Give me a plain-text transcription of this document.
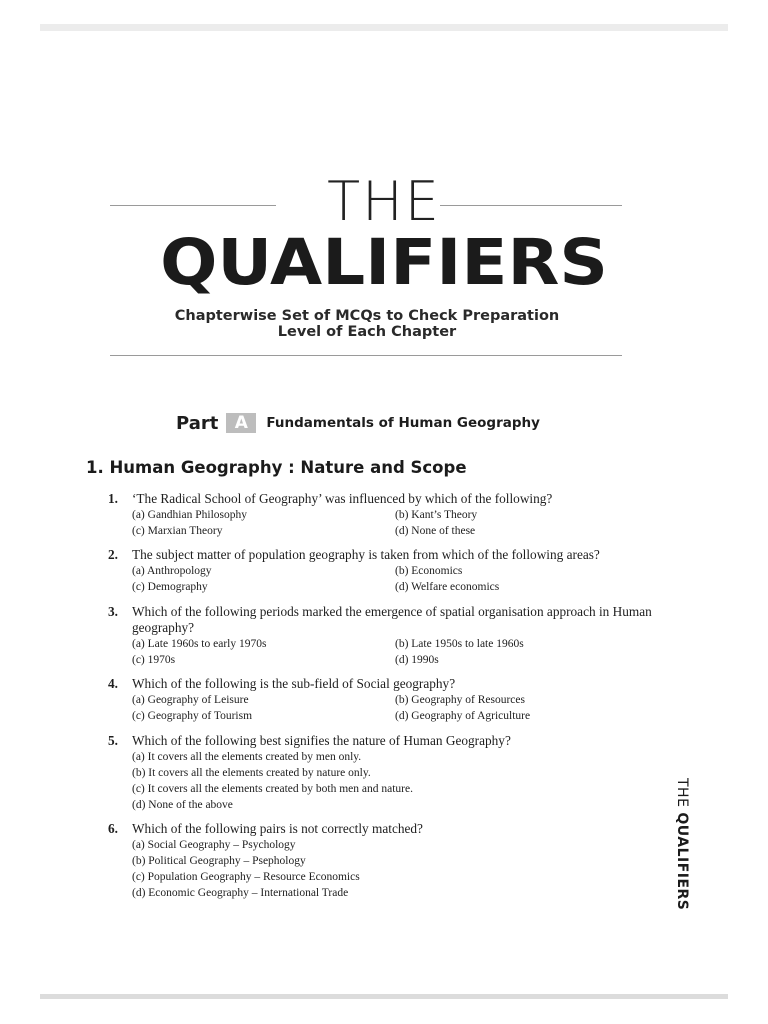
THE
QUALIFIERS
Chapterwise Set of MCQs to Check Preparation
Level of Each Chapter
Part A	Fundamentals of Human Geography
1. Human Geography : Nature and Scope
1.	‘The Radical School of Geography’ was influenced by which of the following?
(a) Gandhian Philosophy	(b) Kant’s Theory
(c) Marxian Theory	(d) None of these
2.	The subject matter of population geography is taken from which of the following areas?
(a) Anthropology	(b) Economics
(c) Demography	(d) Welfare economics
3.	Which of the following periods marked the emergence of spatial organisation approach in Human geography?
(a) Late 1960s to early 1970s	(b) Late 1950s to late 1960s
(c) 1970s	(d) 1990s
4.	Which of the following is the sub-field of Social geography?
(a) Geography of Leisure	(b) Geography of Resources
(c) Geography of Tourism	(d) Geography of Agriculture
5.	Which of the following best signifies the nature of Human Geography?
(a) It covers all the elements created by men only.
(b) It covers all the elements created by nature only.
(c) It covers all the elements created by both men and nature.
(d) None of the above
6.	Which of the following pairs is not correctly matched?
(a) Social Geography – Psychology
(b) Political Geography – Psephology
(c) Population Geography – Resource Economics
(d) Economic Geography – International Trade
THE QUALIFIERS
